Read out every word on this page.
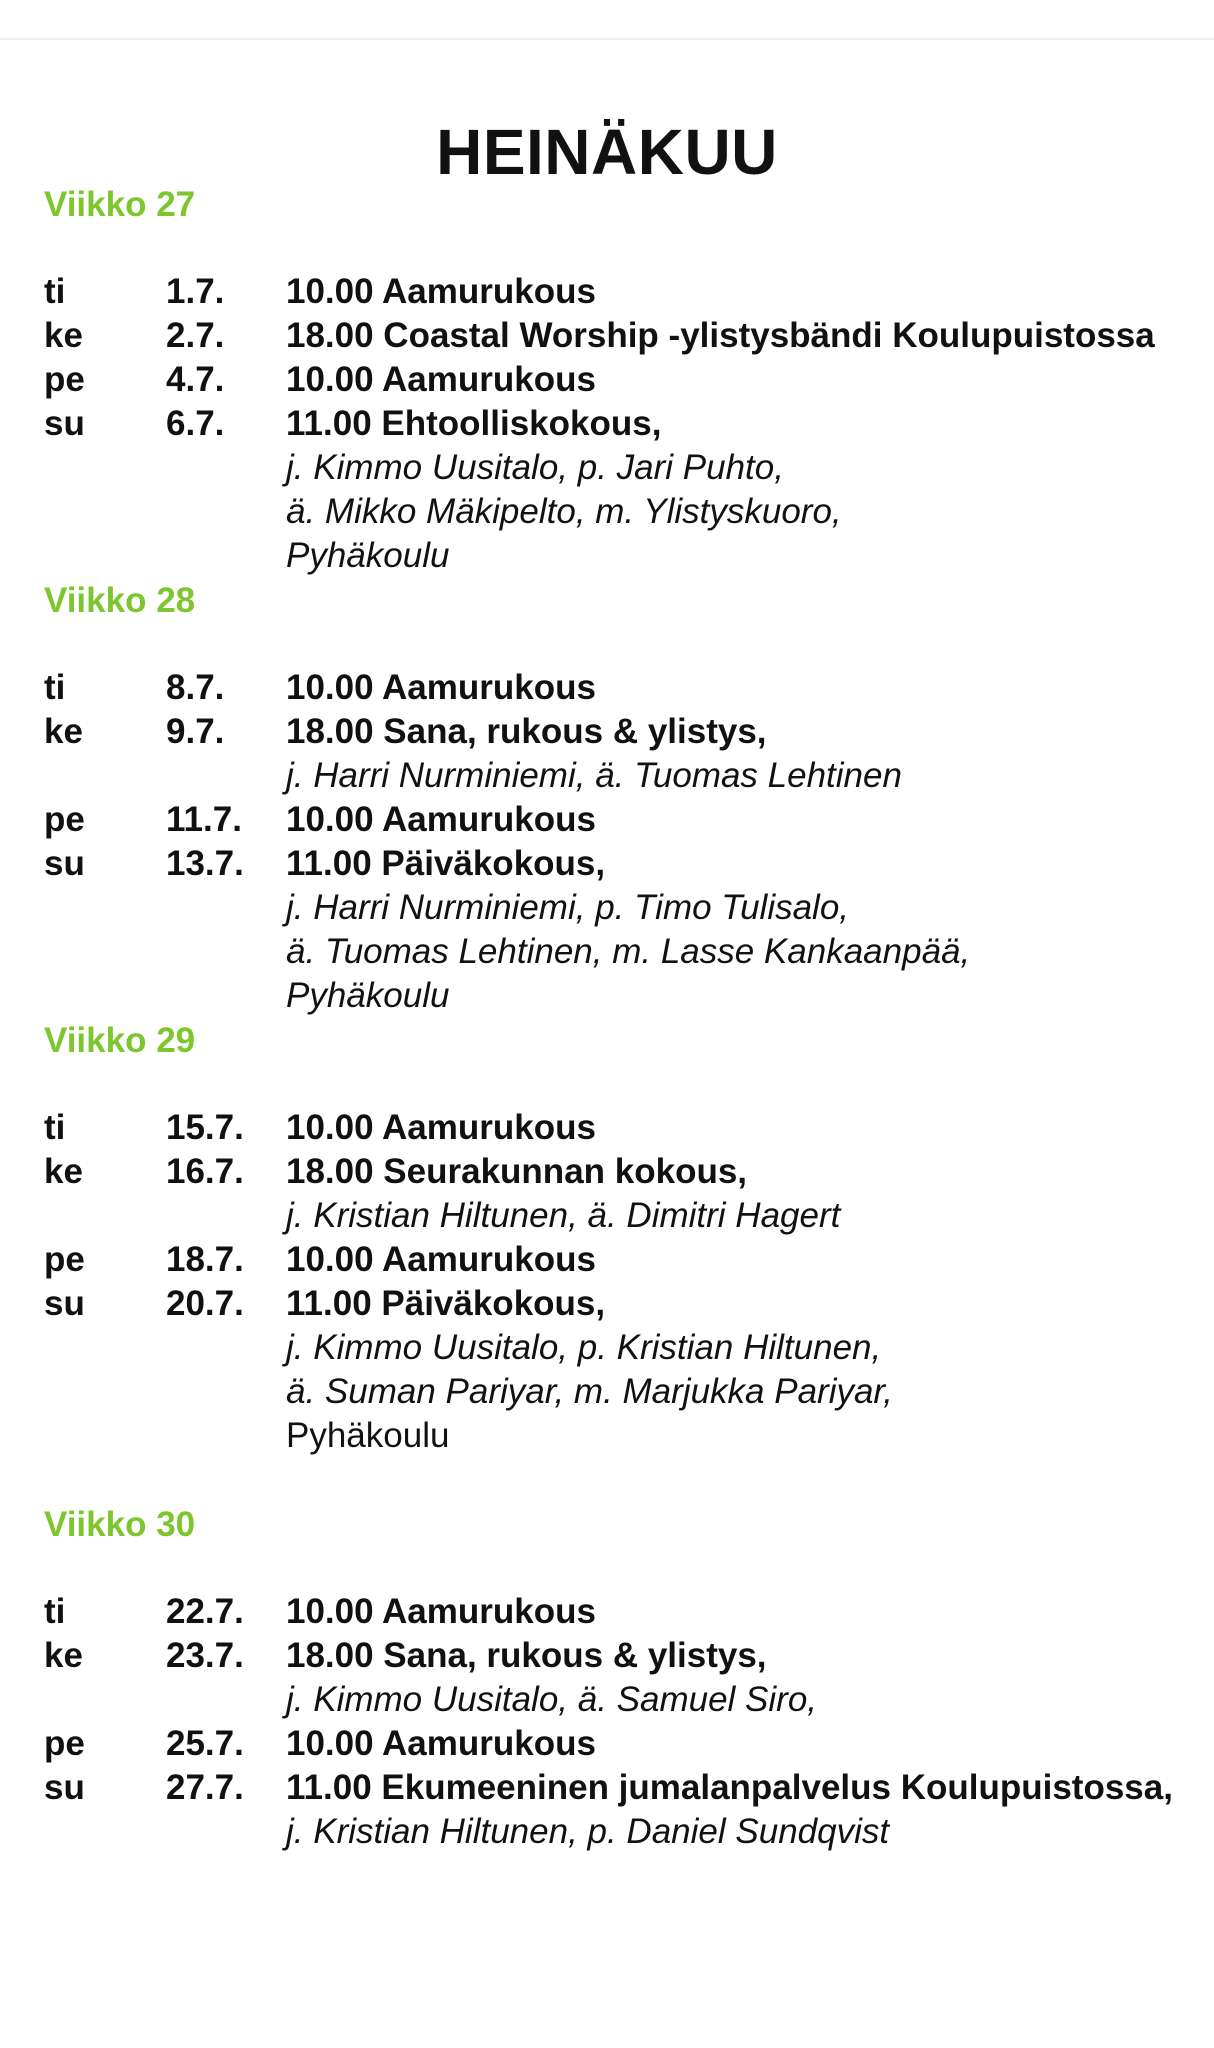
HEINÄKUU
Viikko 27
ti	1.7.	10.00 Aamurukous
ke	2.7.	18.00 Coastal Worship -ylistysbändi Koulupuistossa
pe	4.7.	10.00 Aamurukous
su	6.7.	11.00 Ehtoolliskokous,
j. Kimmo Uusitalo, p. Jari Puhto,
ä. Mikko Mäkipelto, m. Ylistyskuoro,
Pyhäkoulu
Viikko 28
ti	8.7.	10.00 Aamurukous
ke	9.7.	18.00 Sana, rukous & ylistys,
j. Harri Nurminiemi, ä. Tuomas Lehtinen
pe	11.7.	10.00 Aamurukous
su	13.7.	11.00 Päiväkokous,
j. Harri Nurminiemi, p. Timo Tulisalo,
ä. Tuomas Lehtinen, m. Lasse Kankaanpää,
Pyhäkoulu
Viikko 29
ti	15.7.	10.00 Aamurukous
ke	16.7.	18.00 Seurakunnan kokous,
j. Kristian Hiltunen, ä. Dimitri Hagert
pe	18.7.	10.00 Aamurukous
su	20.7.	11.00 Päiväkokous,
j. Kimmo Uusitalo, p. Kristian Hiltunen,
ä. Suman Pariyar, m. Marjukka Pariyar,
Pyhäkoulu
Viikko 30
ti	22.7.	10.00 Aamurukous
ke	23.7.	18.00 Sana, rukous & ylistys,
j. Kimmo Uusitalo, ä. Samuel Siro,
pe	25.7.	10.00 Aamurukous
su	27.7.	11.00 Ekumeeninen jumalanpalvelus Koulupuistossa,
j. Kristian Hiltunen, p. Daniel Sundqvist
